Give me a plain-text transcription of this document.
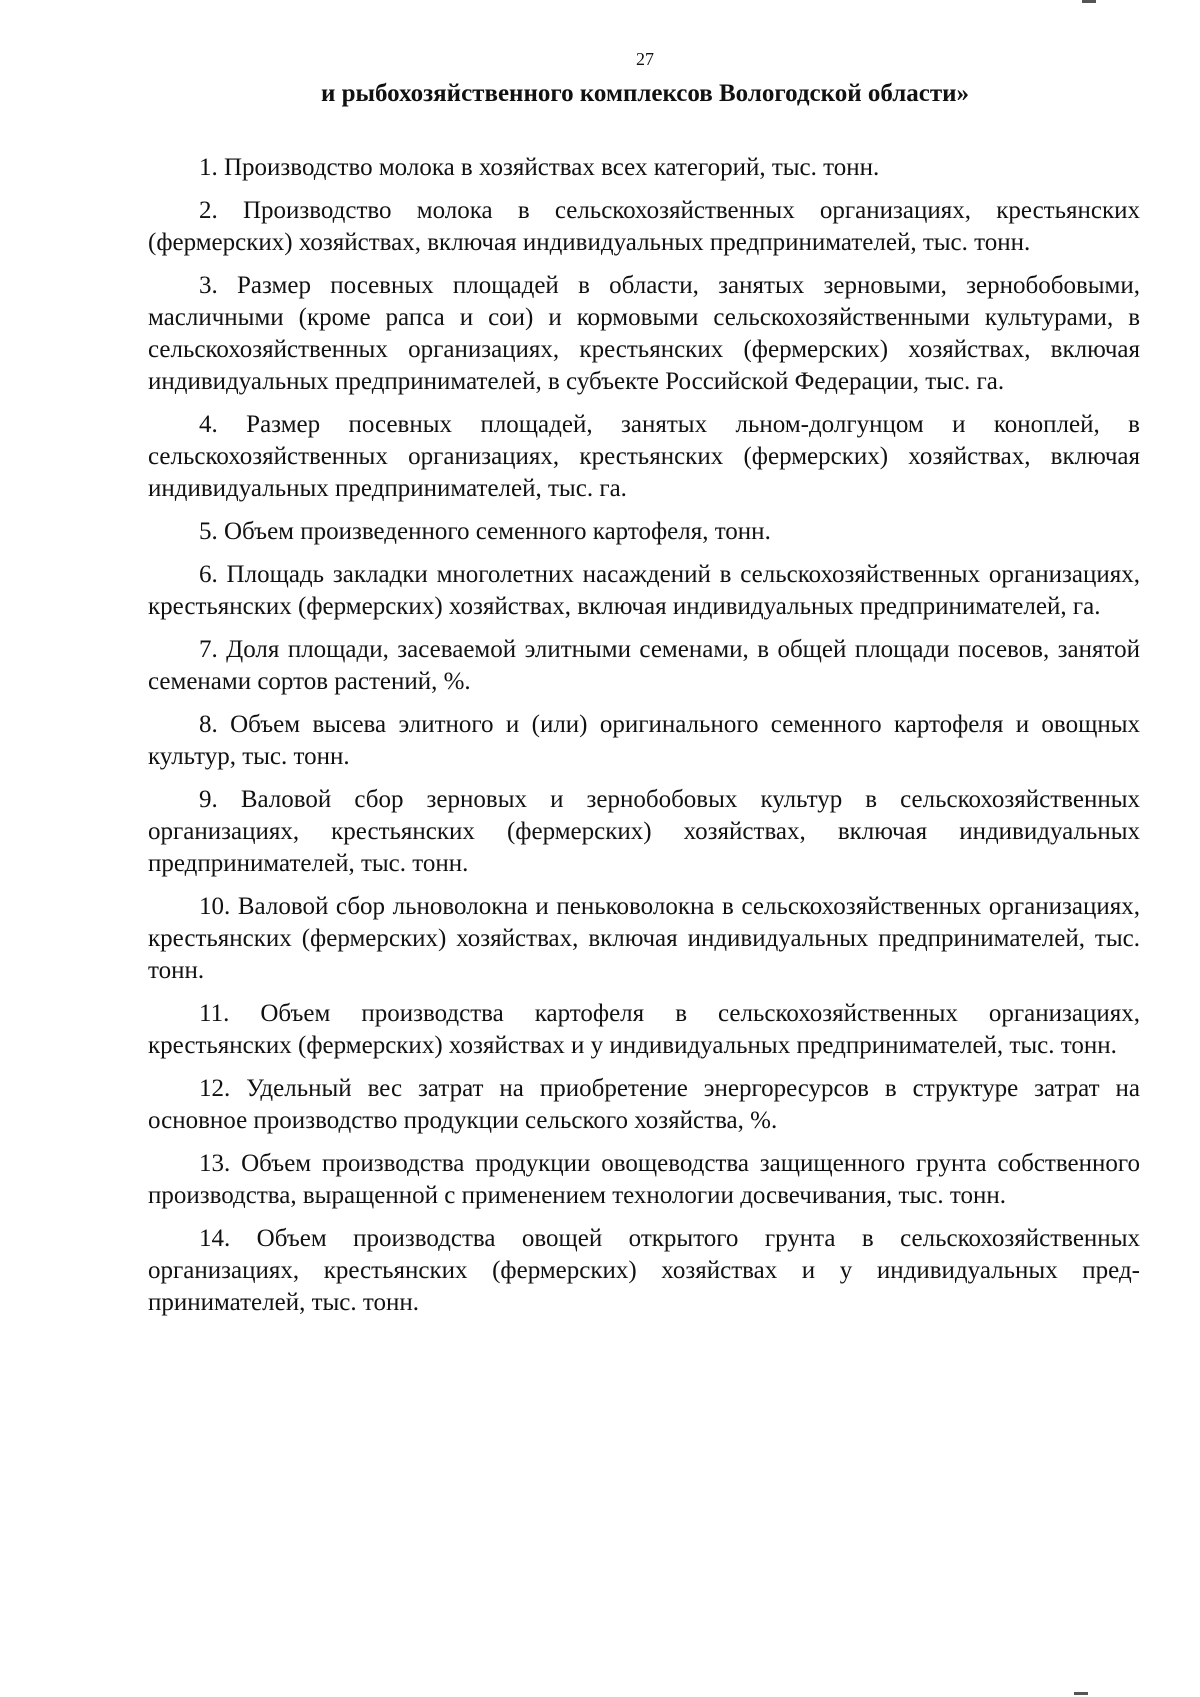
27
и рыбохозяйственного комплексов Вологодской области»

1. Производство молока в хозяйствах всех категорий, тыс. тонн.

2. Производство молока в сельскохозяйственных организациях, крестьянских (фермерских) хозяйствах, включая индивидуальных предпринимателей, тыс. тонн.

3. Размер посевных площадей в области, занятых зерновыми, зернобобовыми, масличными (кроме рапса и сои) и кормовыми сельскохозяйственными культурами, в сельскохозяйственных организациях, крестьянских (фермерских) хозяйствах, включая индивидуальных предпринимателей, в субъекте Российской Федерации, тыс. га.

4. Размер посевных площадей, занятых льном-долгунцом и коноплей, в сельскохозяйственных организациях, крестьянских (фермерских) хозяйствах, включая индивидуальных предпринимателей, тыс. га.

5. Объем произведенного семенного картофеля, тонн.

6. Площадь закладки многолетних насаждений в сельскохозяйственных организациях, крестьянских (фермерских) хозяйствах, включая индивидуальных предпринимателей, га.

7. Доля площади, засеваемой элитными семенами, в общей площади посевов, занятой семенами сортов растений, %.

8. Объем высева элитного и (или) оригинального семенного картофеля и овощных культур, тыс. тонн.

9. Валовой сбор зерновых и зернобобовых культур в сельскохозяйственных организациях, крестьянских (фермерских) хозяйствах, включая индивидуальных предпринимателей, тыс. тонн.

10. Валовой сбор льноволокна и пеньковолокна в сельскохозяйственных организациях, крестьянских (фермерских) хозяйствах, включая индивидуальных предпринимателей, тыс. тонн.

11. Объем производства картофеля в сельскохозяйственных организациях, крестьянских (фермерских) хозяйствах и у индивидуальных предпринимателей, тыс. тонн.

12. Удельный вес затрат на приобретение энергоресурсов в структуре затрат на основное производство продукции сельского хозяйства, %.

13. Объем производства продукции овощеводства защищенного грунта собственного производства, выращенной с применением технологии досвечивания, тыс. тонн.

14. Объем производства овощей открытого грунта в сельскохозяйственных организациях, крестьянских (фермерских) хозяйствах и у индивидуальных предпринимателей, тыс. тонн.
